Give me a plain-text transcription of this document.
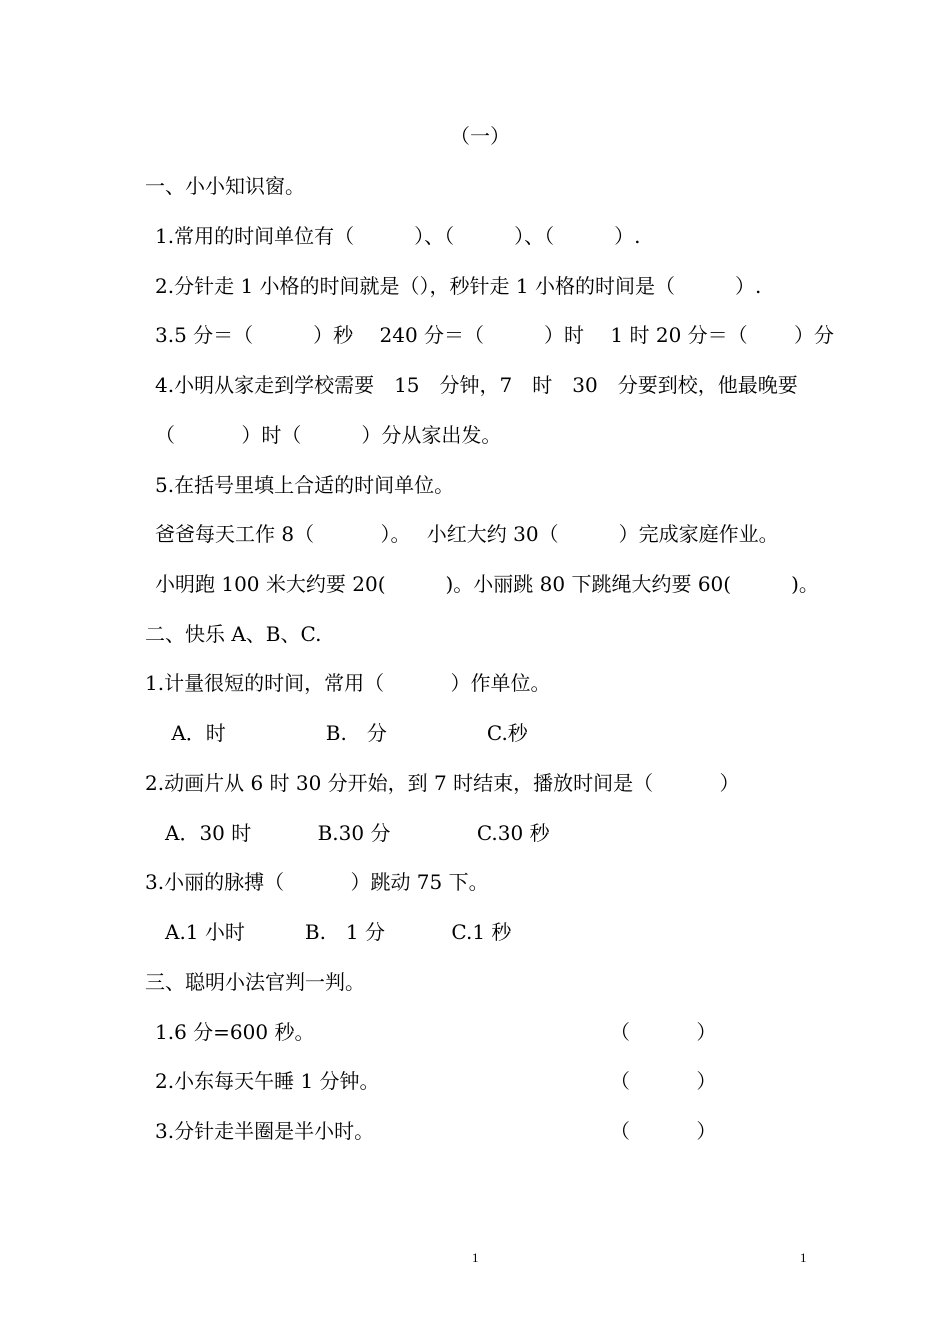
（一）
一、小小知识窗。
1.常用的时间单位有（　　　）、（　　　）、（　　　）.
2.分针走 1 小格的时间就是（），秒针走 1 小格的时间是（　　　）.
3.5 分＝（　　　）秒　 240 分＝（　　　）时　 1 时 20 分＝（　　 ）分
4.小明从家走到学校需要　15　分钟，7　时　30　分要到校，他最晚要
（　　　 ）时（　　　）分从家出发。
5.在括号里填上合适的时间单位。
爸爸每天工作 8（　　　 ）。　 小红大约 30（　　　）完成家庭作业。
小明跑 100 米大约要 20(　　　)。小丽跳 80 下跳绳大约要 60(　　　)。
二、快乐 A、B、C.
1.计量很短的时间，常用（　　　 ）作单位。
　 A．时　　　　　B.　分　　　　　C.秒
2.动画片从 6 时 30 分开始，到 7 时结束，播放时间是（　　　 ）
　A．30 时　　　 B.30 分　　　　 C.30 秒
3.小丽的脉搏（　　　 ）跳动 75 下。
　A.1 小时　　　B.　1 分　　　 C.1 秒
三、聪明小法官判一判。
1.6 分=600 秒。	（　　　 ）
2.小东每天午睡 1 分钟。	（　　　 ）
3.分针走半圈是半小时。	（　　　 ）
1	1
